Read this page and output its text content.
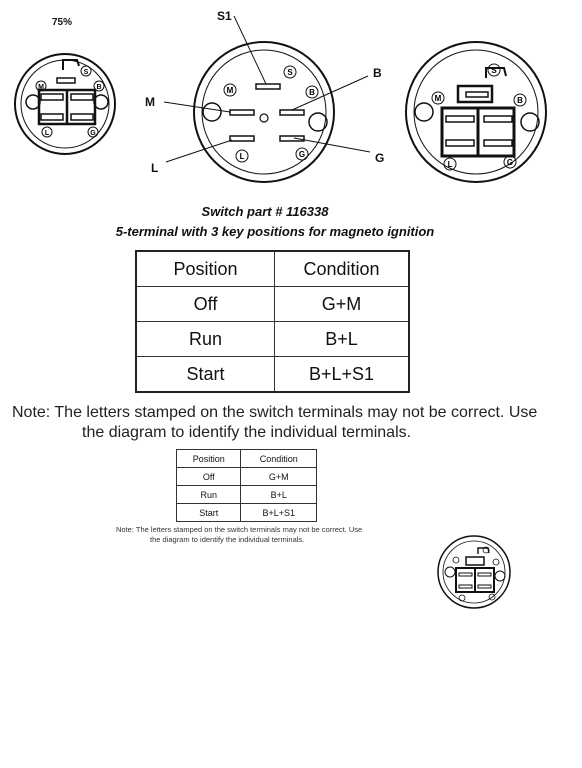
75%
S
M	B
L	G
S
M	B
L	G
S
M	B
L	G
S1
B
M
L
G
Switch part # 116338
5-terminal with 3 key positions for magneto ignition
Position	Condition
Off	G+M
Run	B+L
Start	B+L+S1
Note: The letters stamped on the switch terminals may not be correct. Use
the diagram to identify the individual terminals.
Position	Condition
Off	G+M
Run	B+L
Start	B+L+S1
Note: The letters stamped on the switch terminals may not be correct. Use
the diagram to identify the individual terminals.
